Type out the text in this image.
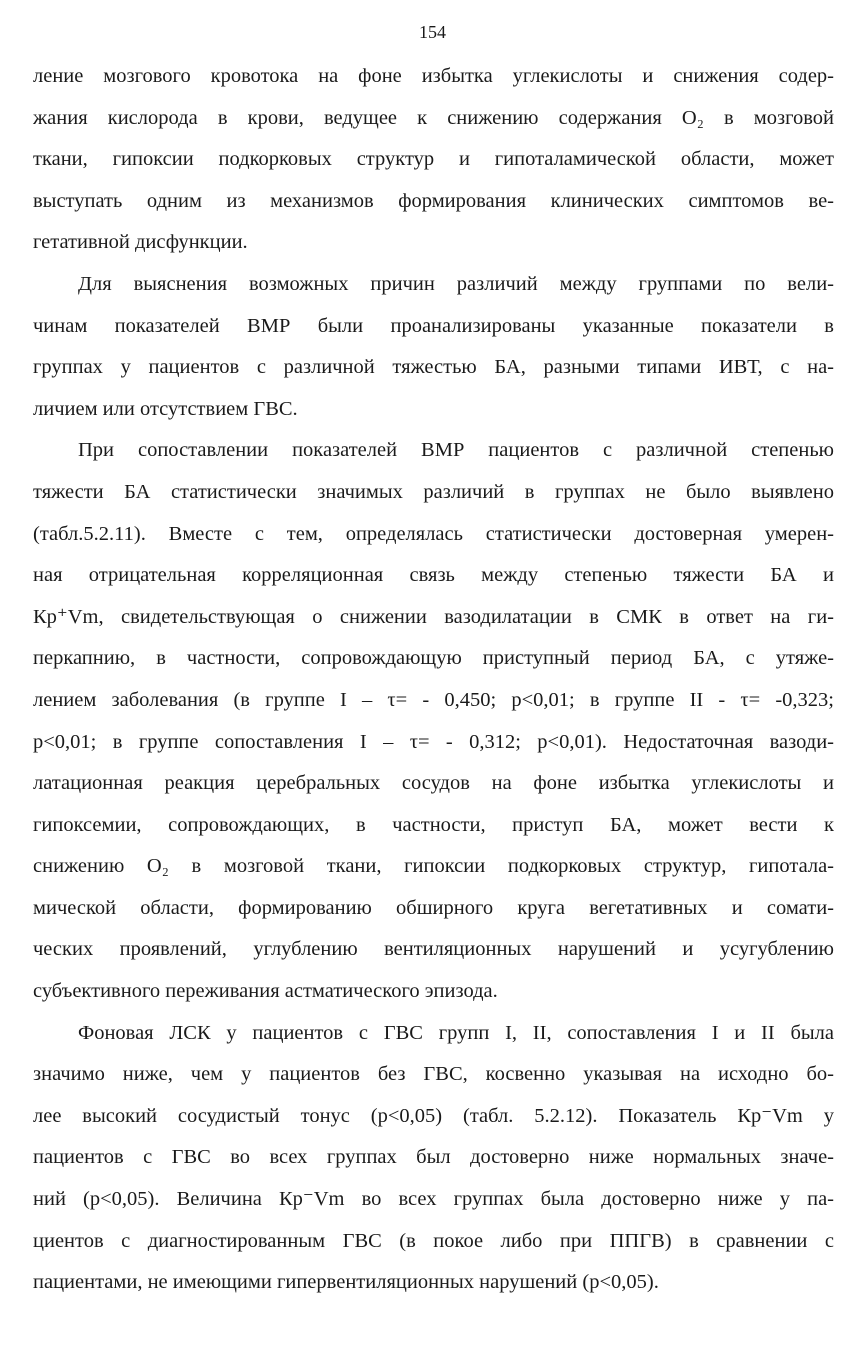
154
ление мозгового кровотока на фоне избытка углекислоты и снижения содер-
жания кислорода в крови, ведущее к снижению содержания O₂ в мозговой
ткани, гипоксии подкорковых структур и гипоталамической области, может
выступать одним из механизмов формирования клинических симптомов ве-
гетативной дисфункции.
Для выяснения возможных причин различий между группами по вели-
чинам показателей ВМР были проанализированы указанные показатели в
группах у пациентов с различной тяжестью БА, разными типами ИВТ, с на-
личием или отсутствием ГВС.
При сопоставлении показателей ВМР пациентов с различной степенью
тяжести БА статистически значимых различий в группах не было выявлено
(табл.5.2.11). Вместе с тем, определялась статистически достоверная умерен-
ная отрицательная корреляционная связь между степенью тяжести БА и
Кр⁺Vm, свидетельствующая о снижении вазодилатации в СМК в ответ на ги-
перкапнию, в частности, сопровождающую приступный период БА, с утяже-
лением заболевания (в группе I – τ= - 0,450; p<0,01; в группе II - τ= -0,323;
p<0,01; в группе сопоставления I – τ= - 0,312; p<0,01). Недостаточная вазоди-
латационная реакция церебральных сосудов на фоне избытка углекислоты и
гипоксемии, сопровождающих, в частности, приступ БА, может вести к
снижению O₂ в мозговой ткани, гипоксии подкорковых структур, гипотала-
мической области, формированию обширного круга вегетативных и сомати-
ческих проявлений, углублению вентиляционных нарушений и усугублению
субъективного переживания астматического эпизода.
Фоновая ЛСК у пациентов с ГВС групп I, II, сопоставления I и II была
значимо ниже, чем у пациентов без ГВС, косвенно указывая на исходно бо-
лее высокий сосудистый тонус (p<0,05) (табл. 5.2.12). Показатель Кр⁻Vm у
пациентов с ГВС во всех группах был достоверно ниже нормальных значе-
ний (p<0,05). Величина Кр⁻Vm во всех группах была достоверно ниже у па-
циентов с диагностированным ГВС (в покое либо при ППГВ) в сравнении с
пациентами, не имеющими гипервентиляционных нарушений (p<0,05).
